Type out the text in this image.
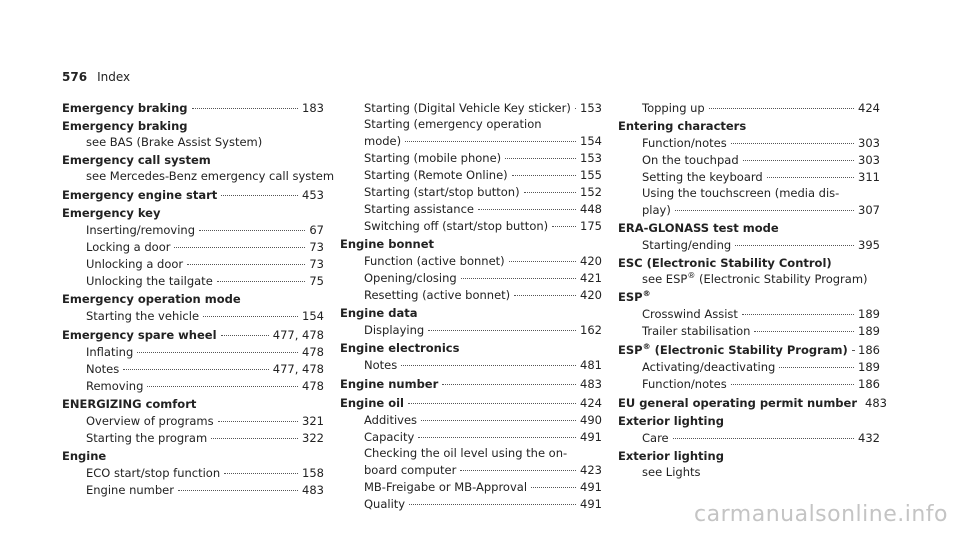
576 Index
Emergency braking	183
Emergency braking
see BAS (Brake Assist System)
Emergency call system
see Mercedes-Benz emergency call system
Emergency engine start	453
Emergency key
Inserting/removing	67
Locking a door	73
Unlocking a door	73
Unlocking the tailgate	75
Emergency operation mode
Starting the vehicle	154
Emergency spare wheel	477, 478
Inflating	478
Notes	477, 478
Removing	478
ENERGIZING comfort
Overview of programs	321
Starting the program	322
Engine
ECO start/stop function	158
Engine number	483
Starting (Digital Vehicle Key sticker) 153
Starting (emergency operation
mode)	154
Starting (mobile phone)	153
Starting (Remote Online)	155
Starting (start/stop button)	152
Starting assistance	448
Switching off (start/stop button)	175
Engine bonnet
Function (active bonnet)	420
Opening/closing	421
Resetting (active bonnet)	420
Engine data
Displaying	162
Engine electronics
Notes	481
Engine number	483
Engine oil	424
Additives	490
Capacity	491
Checking the oil level using the on-
board computer	423
MB-Freigabe or MB-Approval	491
Quality	491
Topping up	424
Entering characters
Function/notes	303
On the touchpad	303
Setting the keyboard	311
Using the touchscreen (media dis-
play)	307
ERA-GLONASS test mode
Starting/ending	395
ESC (Electronic Stability Control)
see ESP® (Electronic Stability Program)
ESP®
Crosswind Assist	189
Trailer stabilisation	189
ESP® (Electronic Stability Program) 186
Activating/deactivating	189
Function/notes	186
EU general operating permit number 483
Exterior lighting
Care	432
Exterior lighting
see Lights
carmanualsonline.info
